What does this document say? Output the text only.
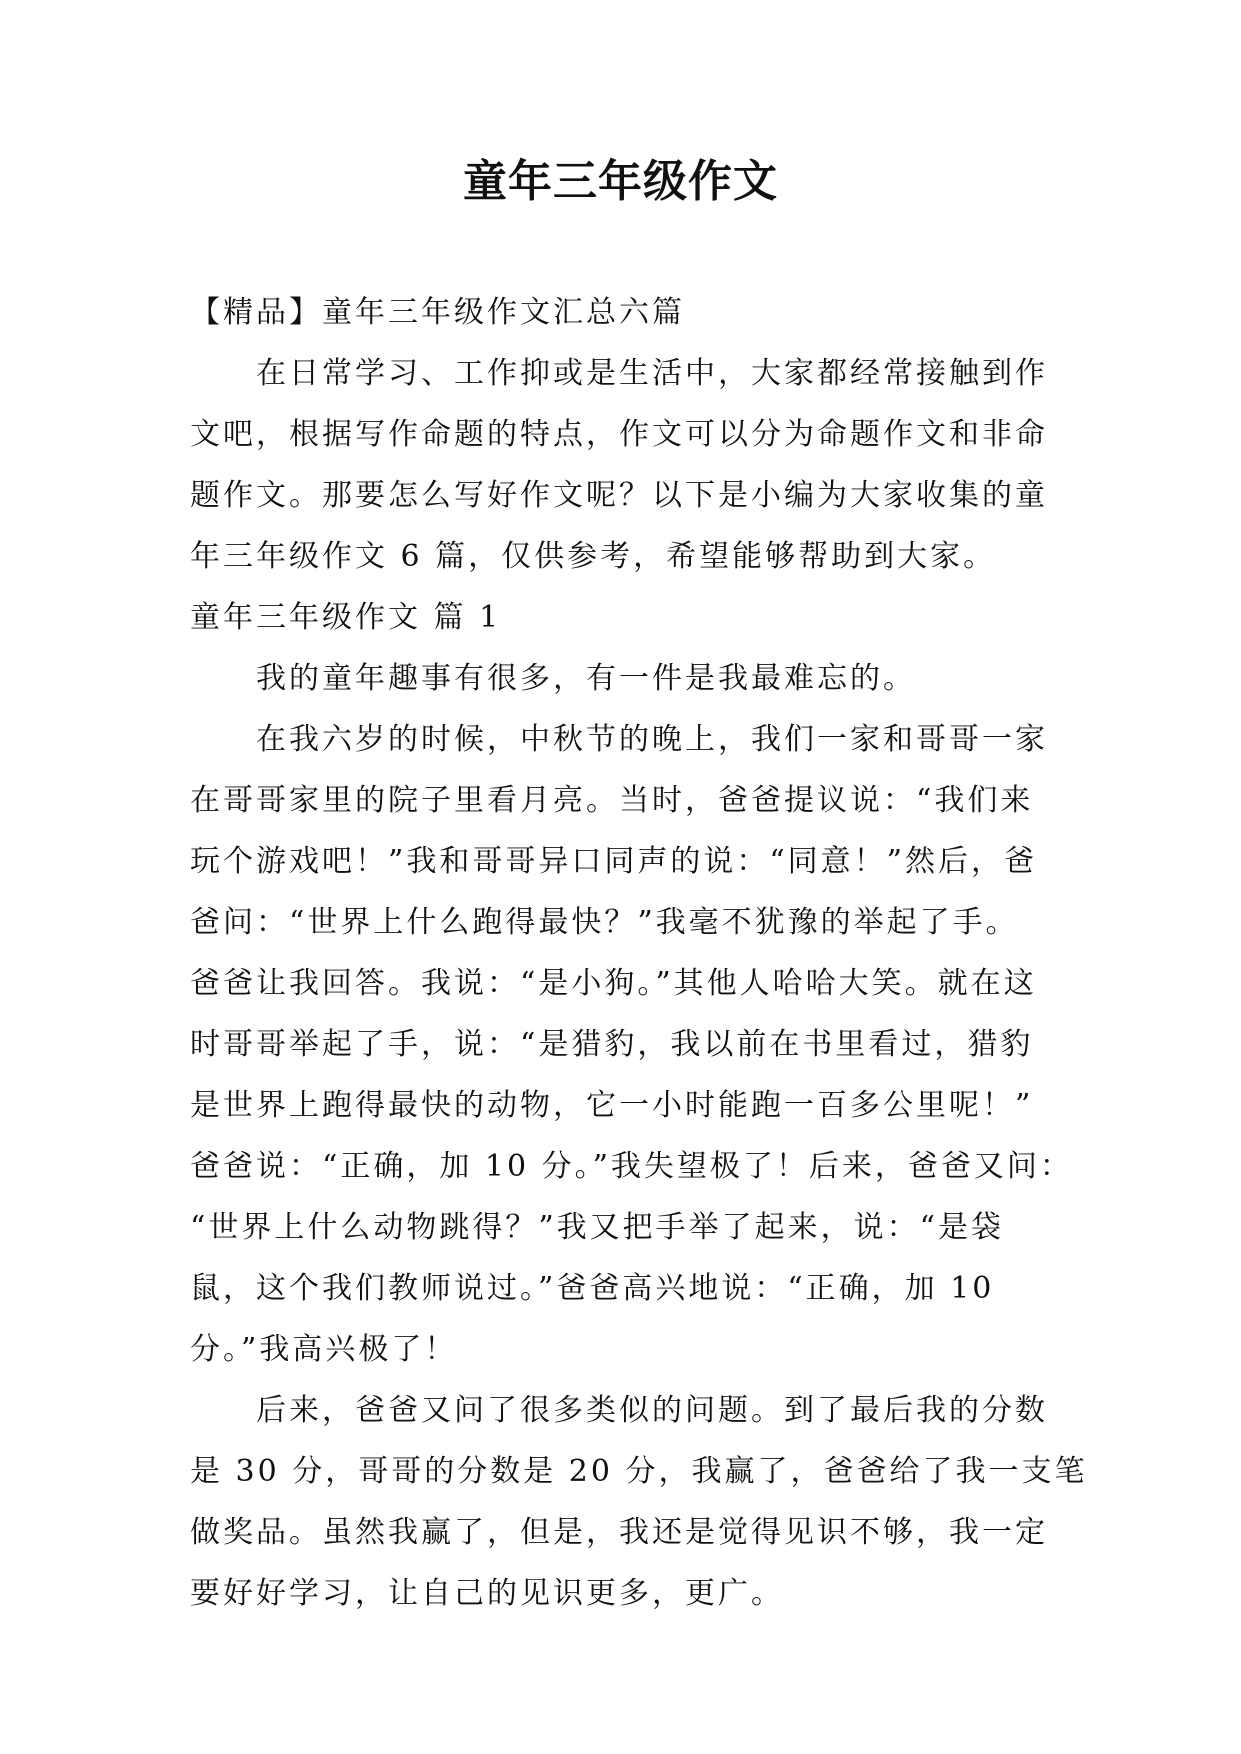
童年三年级作文
【精品】童年三年级作文汇总六篇
在日常学习、工作抑或是生活中，大家都经常接触到作
文吧，根据写作命题的特点，作文可以分为命题作文和非命
题作文。那要怎么写好作文呢？以下是小编为大家收集的童
年三年级作文 6 篇，仅供参考，希望能够帮助到大家。
童年三年级作文 篇 1
我的童年趣事有很多，有一件是我最难忘的。
在我六岁的时候，中秋节的晚上，我们一家和哥哥一家
在哥哥家里的院子里看月亮。当时，爸爸提议说：“我们来
玩个游戏吧！”我和哥哥异口同声的说：“同意！”然后，爸
爸问：“世界上什么跑得最快？”我毫不犹豫的举起了手。
爸爸让我回答。我说：“是小狗。”其他人哈哈大笑。就在这
时哥哥举起了手，说：“是猎豹，我以前在书里看过，猎豹
是世界上跑得最快的动物，它一小时能跑一百多公里呢！”
爸爸说：“正确，加 10 分。”我失望极了！后来，爸爸又问：
“世界上什么动物跳得？”我又把手举了起来，说：“是袋
鼠，这个我们教师说过。”爸爸高兴地说：“正确，加 10
分。”我高兴极了！
后来，爸爸又问了很多类似的问题。到了最后我的分数
是 30 分，哥哥的分数是 20 分，我赢了，爸爸给了我一支笔
做奖品。虽然我赢了，但是，我还是觉得见识不够，我一定
要好好学习，让自己的见识更多，更广。
